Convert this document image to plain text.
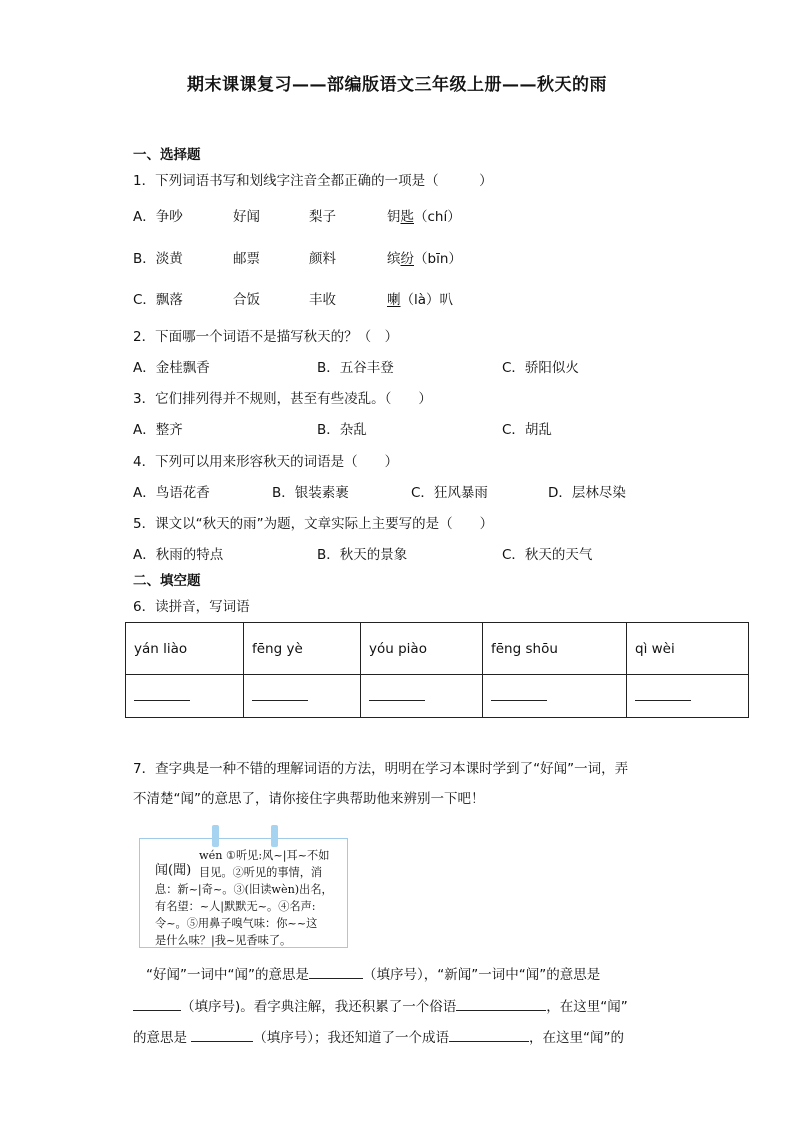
期末课课复习——部编版语文三年级上册——秋天的雨
一、选择题
1．下列词语书写和划线字注音全都正确的一项是（　　　）
A．争吵	好闻	梨子	钥匙（chí）
B．淡黄	邮票	颜料	缤纷（bīn）
C．飘落	合饭	丰收	喇（là）叭
2．下面哪一个词语不是描写秋天的？（　）
A．金桂飘香	B．五谷丰登	C．骄阳似火
3．它们排列得并不规则，甚至有些凌乱。（　　）
A．整齐	B．杂乱	C．胡乱
4．下列可以用来形容秋天的词语是（　　）
A．鸟语花香	B．银装素裹	C．狂风暴雨	D．层林尽染
5．课文以“秋天的雨”为题，文章实际上主要写的是（　　）
A．秋雨的特点	B．秋天的景象	C．秋天的天气
二、填空题
6．读拼音，写词语
yán liào	fēng yè	yóu piào	fēng shōu	qì wèi

7．查字典是一种不错的理解词语的方法，明明在学习本课时学到了“好闻”一词，弄
不清楚“闻”的意思了，请你接住字典帮助他来辨别一下吧！
闻(聞)
wén ①听见:风~|耳~不如
目见。②听见的事情，消
息：新~|奇~。③(旧读wèn)出名，
有名望：~人|默默无~。④名声:
令~。⑤用鼻子嗅气味：你~~这
是什么味？|我~见香味了。
“好闻”一词中“闻”的意思是	（填序号），“新闻”一词中“闻”的意思是
（填序号)。看字典注解，我还积累了一个俗语	，在这里“闻”
的意思是	（填序号）；我还知道了一个成语	，在这里“闻”的
